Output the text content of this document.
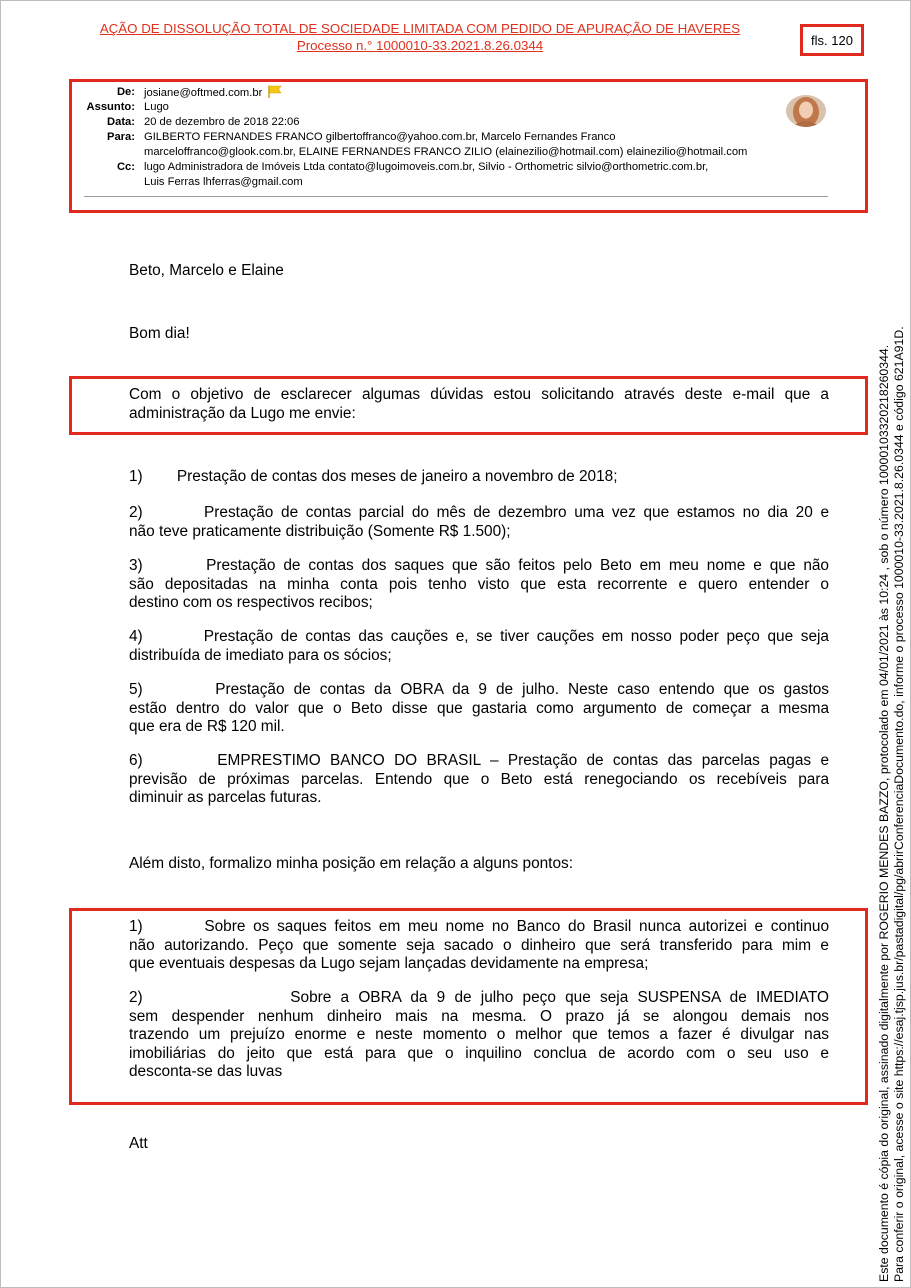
AÇÃO DE DISSOLUÇÃO TOTAL DE SOCIEDADE LIMITADA COM PEDIDO DE APURAÇÃO DE HAVERES
Processo n.° 1000010-33.2021.8.26.0344	fls. 120
De: josiane@oftmed.com.br
Assunto: Lugo
Data: 20 de dezembro de 2018 22:06
Para: GILBERTO FERNANDES FRANCO gilbertoffranco@yahoo.com.br, Marcelo Fernandes Franco
marceloffranco@glook.com.br, ELAINE FERNANDES FRANCO ZILIO (elainezilio@hotmail.com) elainezilio@hotmail.com
Cc: lugo Administradora de Imóveis Ltda contato@lugoimoveis.com.br, Silvio - Orthometric silvio@orthometric.com.br,
Luis Ferras lhferras@gmail.com
Beto, Marcelo e Elaine
Bom dia!
Com o objetivo de esclarecer algumas dúvidas estou solicitando através deste e-mail que a
administração da Lugo me envie:
1)        Prestação de contas dos meses de janeiro a novembro de 2018;
2)        Prestação de contas parcial do mês de dezembro uma vez que estamos no dia 20 e
não teve praticamente distribuição (Somente R$ 1.500);
3)        Prestação de contas dos saques que são feitos pelo Beto em meu nome e que não
são depositadas na minha conta pois tenho visto que esta recorrente e quero entender o
destino com os respectivos recibos;
4)        Prestação de contas das cauções e, se tiver cauções em nosso poder peço que seja
distribuída de imediato para os sócios;
5)        Prestação de contas da OBRA da 9 de julho. Neste caso entendo que os gastos
estão dentro do valor que o Beto disse que gastaria como argumento de começar a mesma
que era de R$ 120 mil.
6)        EMPRESTIMO BANCO DO BRASIL – Prestação de contas das parcelas pagas e
previsão de próximas parcelas. Entendo que o Beto está renegociando os recebíveis para
diminuir as parcelas futuras.
Além disto, formalizo minha posição em relação a alguns pontos:
1)        Sobre os saques feitos em meu nome no Banco do Brasil nunca autorizei e continuo
não autorizando. Peço que somente seja sacado o dinheiro que será transferido para mim e
que eventuais despesas da Lugo sejam lançadas devidamente na empresa;
2)                Sobre a OBRA da 9 de julho peço que seja SUSPENSA de IMEDIATO
sem despender nenhum dinheiro mais na mesma. O prazo já se alongou demais nos
trazendo um prejuízo enorme e neste momento o melhor que temos a fazer é divulgar nas
imobiliárias do jeito que está para que o inquilino conclua de acordo com o seu uso e
desconta-se das luvas
Att	Este documento é cópia do original, assinado digitalmente por ROGERIO MENDES BAZZO, protocolado em 04/01/2021 às 10:24 , sob o número 10000103320218260344. Para conferir o original, acesse o site https://esaj.tjsp.jus.br/pastadigital/pg/abrirConferenciaDocumento.do, informe o processo 1000010-33.2021.8.26.0344 e código 621A91D.
